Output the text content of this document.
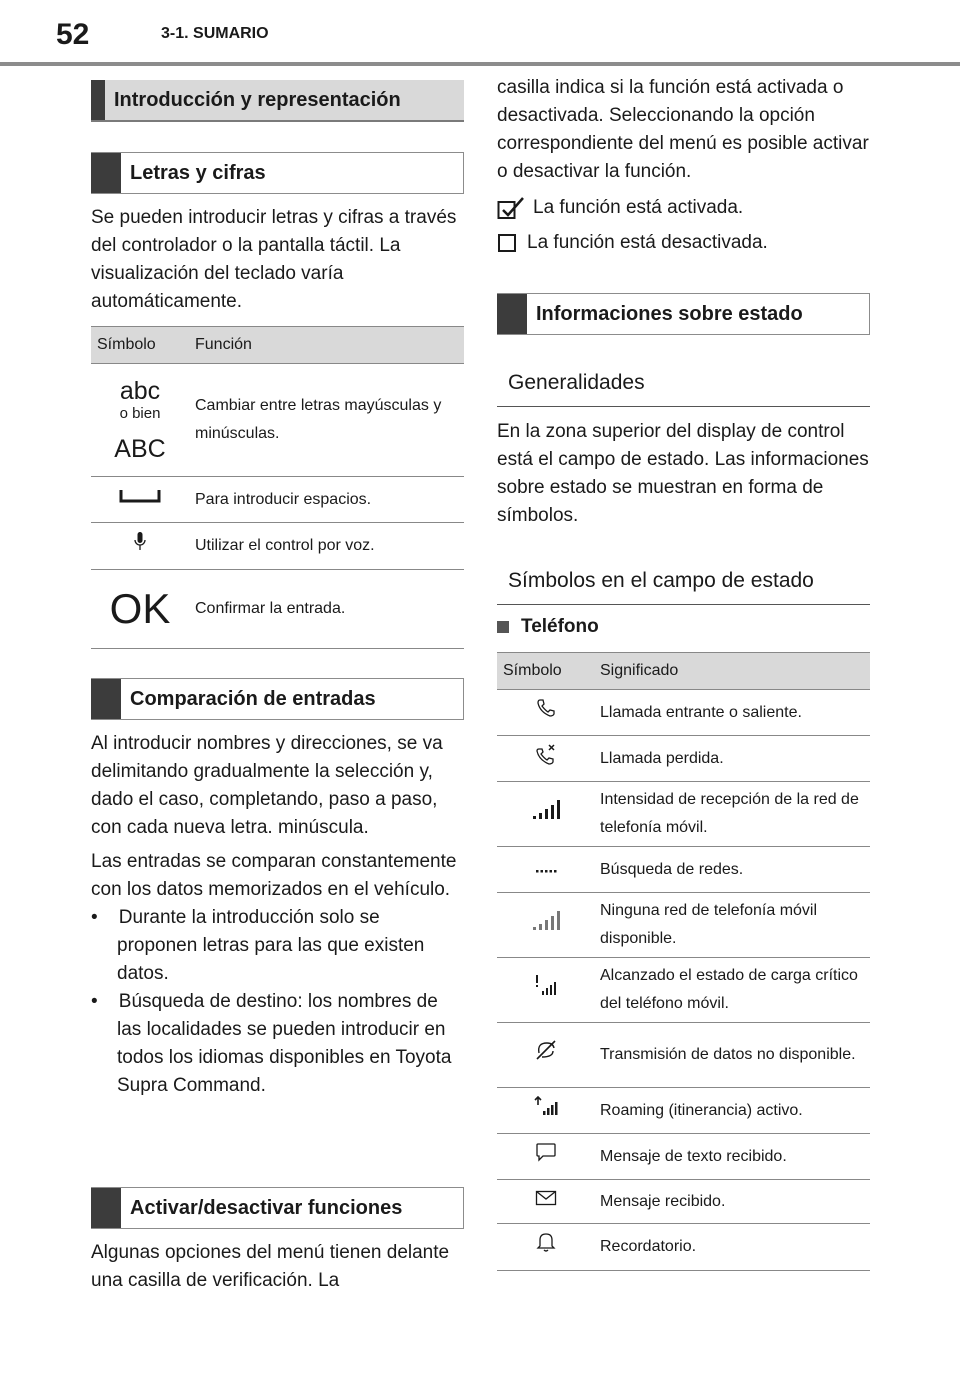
52	3-1. SUMARIO
Introducción y representación
Letras y cifras

Se pueden introducir letras y cifras a través del controlador o la pantalla táctil. La visualización del teclado varía automáticamente.

Símbolo	Función

abc
o bien
ABC	Cambiar entre letras mayúsculas y minúsculas.
	Para introducir espacios.
	Utilizar el control por voz.
OK	Confirmar la entrada.
Comparación de entradas

Al introducir nombres y direcciones, se va delimitando gradualmente la selección y, dado el caso, completando, paso a paso, con cada nueva letra. minúscula.

Las entradas se comparan constantemente con los datos memorizados en el vehículo.

•    Durante la introducción solo se proponen letras para las que existen datos.

•    Búsqueda de destino: los nombres de las localidades se pueden introducir en todos los idiomas disponibles en Toyota Supra Command.

Activar/desactivar funciones

Algunas opciones del menú tienen delante una casilla de verificación. La

casilla indica si la función está activada o desactivada. Seleccionando la opción correspondiente del menú es posible activar o desactivar la función.

La función está activada.
La función está desactivada.
Informaciones sobre estado
Generalidades

En la zona superior del display de control está el campo de estado. Las informaciones sobre estado se muestran en forma de símbolos.

Símbolos en el campo de estado
Teléfono
Símbolo	Significado
	Llamada entrante o saliente.
	Llamada perdida.
	Intensidad de recepción de la red de telefonía móvil.
	Búsqueda de redes.
	Ninguna red de telefonía móvil disponible.
	Alcanzado el estado de carga crítico del teléfono móvil.
	Transmisión de datos no disponible.
	Roaming (itinerancia) activo.
	Mensaje de texto recibido.
	Mensaje recibido.
	Recordatorio.
